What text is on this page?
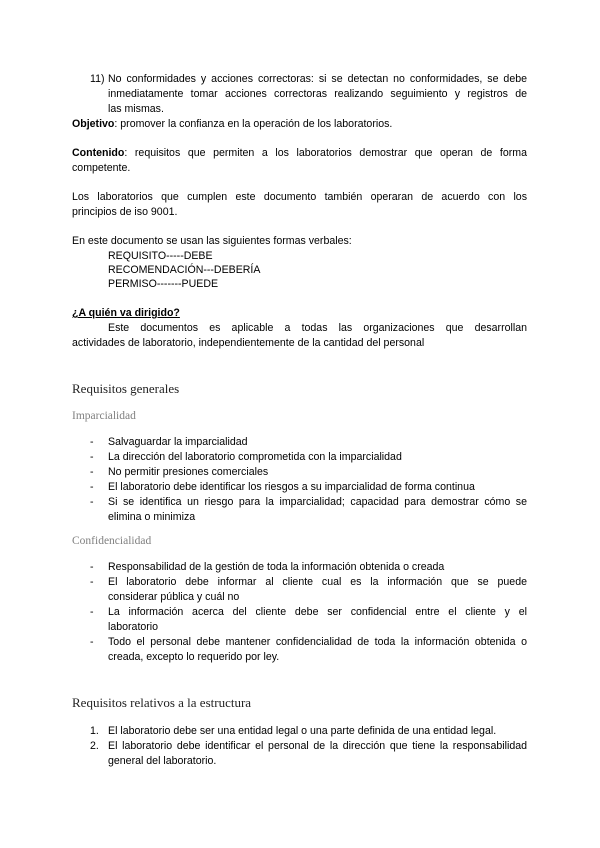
11) No conformidades y acciones correctoras: si se detectan no conformidades, se debe
inmediatamente tomar acciones correctoras realizando seguimiento y registros de
las mismas.
Objetivo: promover la confianza en la operación de los laboratorios.
Contenido: requisitos que permiten a los laboratorios demostrar que operan de forma
competente.
Los laboratorios que cumplen este documento también operaran de acuerdo con los
principios de iso 9001.
En este documento se usan las siguientes formas verbales:
REQUISITO-----DEBE
RECOMENDACIÓN---DEBERÍA
PERMISO-------PUEDE
¿A quién va dirigido?
Este documentos es aplicable a todas las organizaciones que desarrollan
actividades de laboratorio, independientemente de la cantidad del personal
Requisitos generales
Imparcialidad
- Salvaguardar la imparcialidad
- La dirección del laboratorio comprometida con la imparcialidad
- No permitir presiones comerciales
- El laboratorio debe identificar los riesgos a su imparcialidad de forma continua
- Si se identifica un riesgo para la imparcialidad; capacidad para demostrar cómo se
elimina o minimiza
Confidencialidad
- Responsabilidad de la gestión de toda la información obtenida o creada
- El laboratorio debe informar al cliente cual es la información que se puede
considerar pública y cuál no
- La información acerca del cliente debe ser confidencial entre el cliente y el
laboratorio
- Todo el personal debe mantener confidencialidad de toda la información obtenida o
creada, excepto lo requerido por ley.
Requisitos relativos a la estructura
1. El laboratorio debe ser una entidad legal o una parte definida de una entidad legal.
2. El laboratorio debe identificar el personal de la dirección que tiene la responsabilidad
general del laboratorio.
